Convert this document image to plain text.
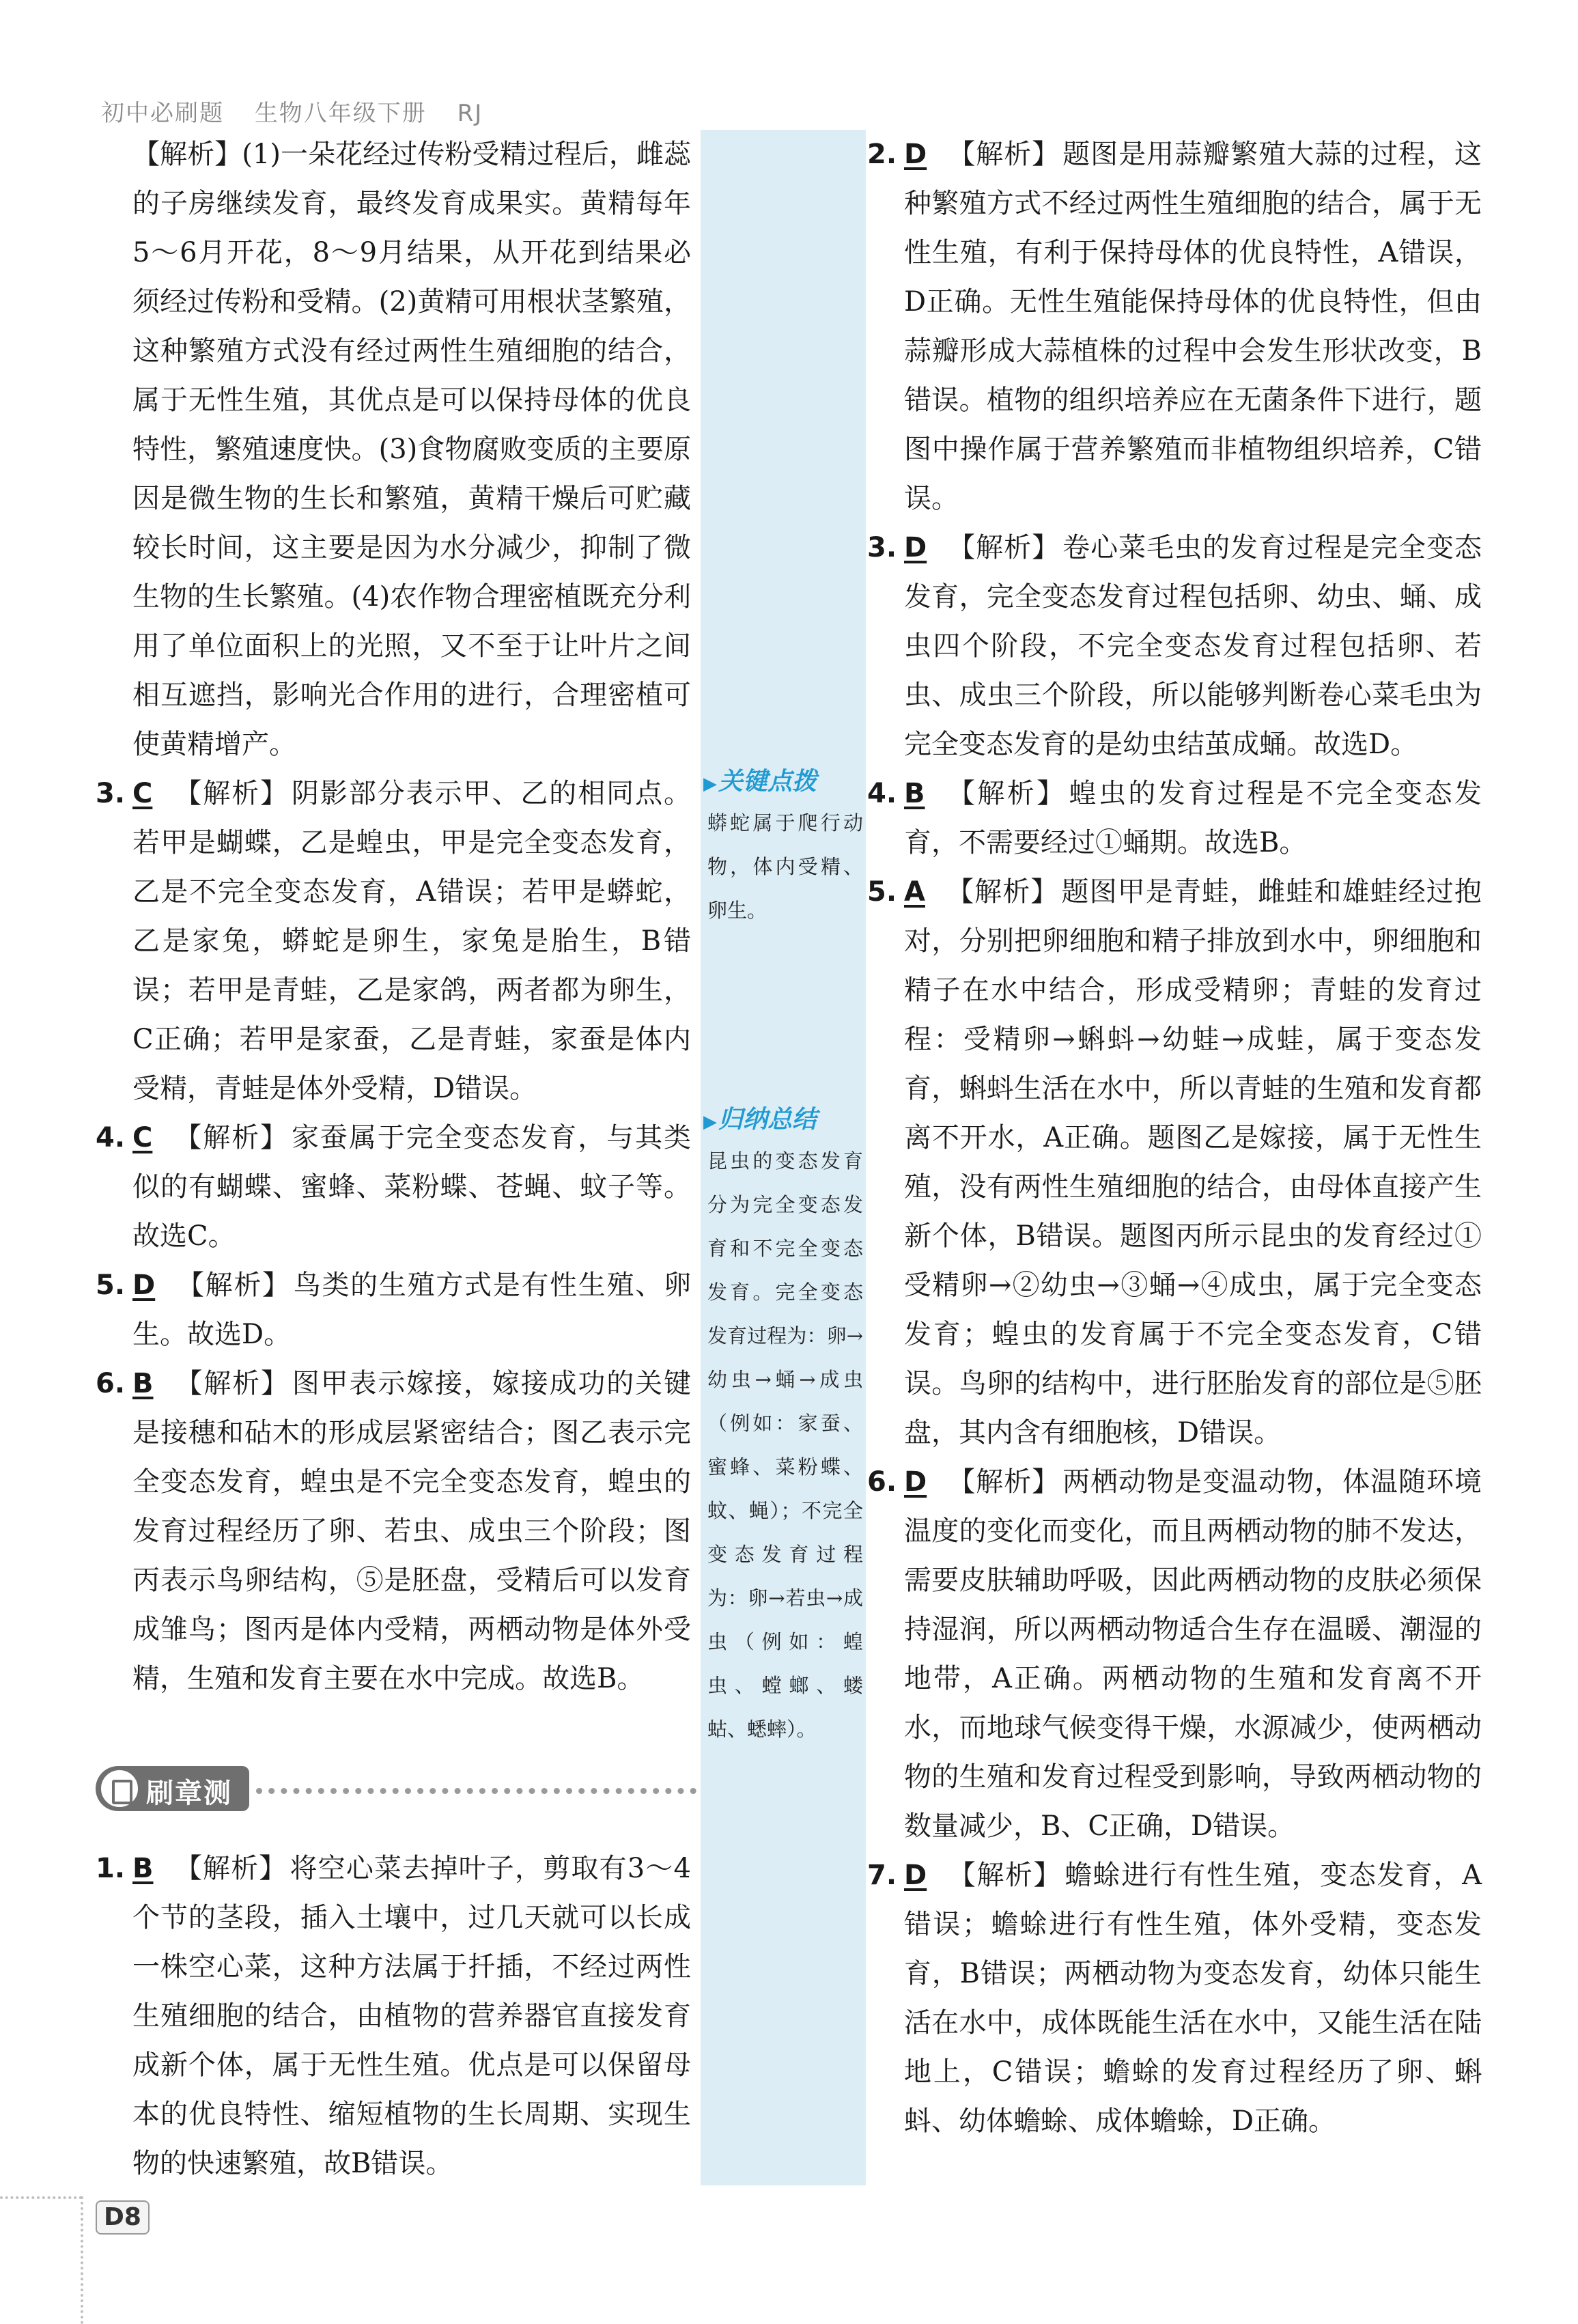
初中必刷题 生物八年级下册 RJ
▶关键点拨
蟒蛇属于爬行动物，体内受精、卵生。
▶归纳总结
昆虫的变态发育分为完全变态发育和不完全变态发育。完全变态发育过程为：卵→幼虫→蛹→成虫（例如：家蚕、蜜蜂、菜粉蝶、蚊、蝇）；不完全变态发育过程为：卵→若虫→成虫（例如：蝗虫、螳螂、蝼蛄、蟋蟀）。

【解析】(1)一朵花经过传粉受精过程后，雌蕊的子房继续发育，最终发育成果实。黄精每年5～6月开花，8～9月结果，从开花到结果必须经过传粉和受精。(2)黄精可用根状茎繁殖，这种繁殖方式没有经过两性生殖细胞的结合，属于无性生殖，其优点是可以保持母体的优良特性，繁殖速度快。(3)食物腐败变质的主要原因是微生物的生长和繁殖，黄精干燥后可贮藏较长时间，这主要是因为水分减少，抑制了微生物的生长繁殖。(4)农作物合理密植既充分利用了单位面积上的光照，又不至于让叶片之间相互遮挡，影响光合作用的进行，合理密植可使黄精增产。

3. C 【解析】 阴影部分表示甲、乙的相同点。若甲是蝴蝶，乙是蝗虫，甲是完全变态发育，乙是不完全变态发育，A错误；若甲是蟒蛇，乙是家兔，蟒蛇是卵生，家兔是胎生，B错误；若甲是青蛙，乙是家鸽，两者都为卵生，C正确；若甲是家蚕，乙是青蛙，家蚕是体内受精，青蛙是体外受精，D错误。

4. C 【解析】 家蚕属于完全变态发育，与其类似的有蝴蝶、蜜蜂、菜粉蝶、苍蝇、蚊子等。故选C。

5. D 【解析】 鸟类的生殖方式是有性生殖、卵生。故选D。

6. B 【解析】 图甲表示嫁接，嫁接成功的关键是接穗和砧木的形成层紧密结合；图乙表示完全变态发育，蝗虫是不完全变态发育，蝗虫的发育过程经历了卵、若虫、成虫三个阶段；图丙表示鸟卵结构，⑤是胚盘，受精后可以发育成雏鸟；图丙是体内受精，两栖动物是体外受精，生殖和发育主要在水中完成。故选B。

刷章测

1. B 【解析】 将空心菜去掉叶子，剪取有3～4个节的茎段，插入土壤中，过几天就可以长成一株空心菜，这种方法属于扦插，不经过两性生殖细胞的结合，由植物的营养器官直接发育成新个体，属于无性生殖。优点是可以保留母本的优良特性、缩短植物的生长周期、实现生物的快速繁殖，故B错误。

2. D 【解析】 题图是用蒜瓣繁殖大蒜的过程，这种繁殖方式不经过两性生殖细胞的结合，属于无性生殖，有利于保持母体的优良特性，A错误，D正确。无性生殖能保持母体的优良特性，但由蒜瓣形成大蒜植株的过程中会发生形状改变，B错误。植物的组织培养应在无菌条件下进行，题图中操作属于营养繁殖而非植物组织培养，C错误。

3. D 【解析】 卷心菜毛虫的发育过程是完全变态发育，完全变态发育过程包括卵、幼虫、蛹、成虫四个阶段，不完全变态发育过程包括卵、若虫、成虫三个阶段，所以能够判断卷心菜毛虫为完全变态发育的是幼虫结茧成蛹。故选D。

4. B 【解析】 蝗虫的发育过程是不完全变态发育，不需要经过①蛹期。故选B。

5. A 【解析】 题图甲是青蛙，雌蛙和雄蛙经过抱对，分别把卵细胞和精子排放到水中，卵细胞和精子在水中结合，形成受精卵；青蛙的发育过程：受精卵→蝌蚪→幼蛙→成蛙，属于变态发育，蝌蚪生活在水中，所以青蛙的生殖和发育都离不开水，A正确。题图乙是嫁接，属于无性生殖，没有两性生殖细胞的结合，由母体直接产生新个体，B错误。题图丙所示昆虫的发育经过①受精卵→②幼虫→③蛹→④成虫，属于完全变态发育；蝗虫的发育属于不完全变态发育，C错误。鸟卵的结构中，进行胚胎发育的部位是⑤胚盘，其内含有细胞核，D错误。

6. D 【解析】 两栖动物是变温动物，体温随环境温度的变化而变化，而且两栖动物的肺不发达，需要皮肤辅助呼吸，因此两栖动物的皮肤必须保持湿润，所以两栖动物适合生存在温暖、潮湿的地带，A正确。两栖动物的生殖和发育离不开水，而地球气候变得干燥，水源减少，使两栖动物的生殖和发育过程受到影响，导致两栖动物的数量减少，B、C正确，D错误。

7. D 【解析】 蟾蜍进行有性生殖，变态发育，A错误；蟾蜍进行有性生殖，体外受精，变态发育，B错误；两栖动物为变态发育，幼体只能生活在水中，成体既能生活在水中，又能生活在陆地上，C错误；蟾蜍的发育过程经历了卵、蝌蚪、幼体蟾蜍、成体蟾蜍，D正确。

D8
